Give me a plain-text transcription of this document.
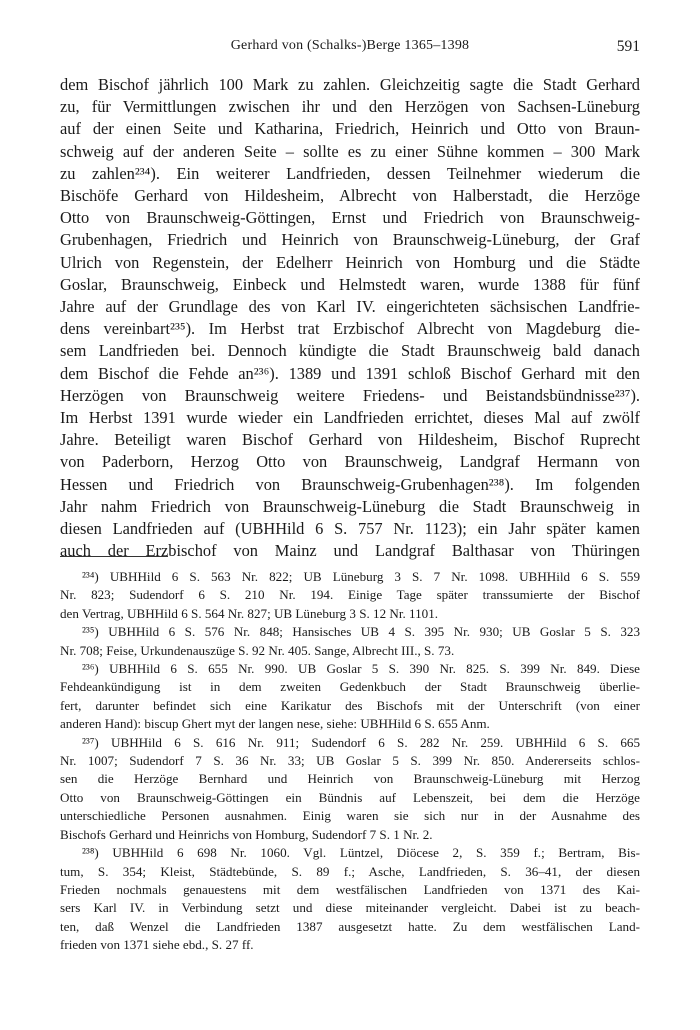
Gerhard von (Schalks-)Berge 1365–1398	591
dem Bischof jährlich 100 Mark zu zahlen. Gleichzeitig sagte die Stadt Gerhard
zu, für Vermittlungen zwischen ihr und den Herzögen von Sachsen-Lüneburg
auf der einen Seite und Katharina, Friedrich, Heinrich und Otto von Braun-
schweig auf der anderen Seite – sollte es zu einer Sühne kommen – 300 Mark
zu zahlen²³⁴). Ein weiterer Landfrieden, dessen Teilnehmer wiederum die
Bischöfe Gerhard von Hildesheim, Albrecht von Halberstadt, die Herzöge
Otto von Braunschweig-Göttingen, Ernst und Friedrich von Braunschweig-
Grubenhagen, Friedrich und Heinrich von Braunschweig-Lüneburg, der Graf
Ulrich von Regenstein, der Edelherr Heinrich von Homburg und die Städte
Goslar, Braunschweig, Einbeck und Helmstedt waren, wurde 1388 für fünf
Jahre auf der Grundlage des von Karl IV. eingerichteten sächsischen Landfrie-
dens vereinbart²³⁵). Im Herbst trat Erzbischof Albrecht von Magdeburg die-
sem Landfrieden bei. Dennoch kündigte die Stadt Braunschweig bald danach
dem Bischof die Fehde an²³⁶). 1389 und 1391 schloß Bischof Gerhard mit den
Herzögen von Braunschweig weitere Friedens- und Beistandsbündnisse²³⁷).
Im Herbst 1391 wurde wieder ein Landfrieden errichtet, dieses Mal auf zwölf
Jahre. Beteiligt waren Bischof Gerhard von Hildesheim, Bischof Ruprecht
von Paderborn, Herzog Otto von Braunschweig, Landgraf Hermann von
Hessen und Friedrich von Braunschweig-Grubenhagen²³⁸). Im folgenden
Jahr nahm Friedrich von Braunschweig-Lüneburg die Stadt Braunschweig in
diesen Landfrieden auf (UBHHild 6 S. 757 Nr. 1123); ein Jahr später kamen
auch der Erzbischof von Mainz und Landgraf Balthasar von Thüringen
²³⁴) UBHHild 6 S. 563 Nr. 822; UB Lüneburg 3 S. 7 Nr. 1098. UBHHild 6 S. 559
Nr. 823; Sudendorf 6 S. 210 Nr. 194. Einige Tage später transsumierte der Bischof
den Vertrag, UBHHild 6 S. 564 Nr. 827; UB Lüneburg 3 S. 12 Nr. 1101.
²³⁵) UBHHild 6 S. 576 Nr. 848; Hansisches UB 4 S. 395 Nr. 930; UB Goslar 5 S. 323
Nr. 708; Feise, Urkundenauszüge S. 92 Nr. 405. Sange, Albrecht III., S. 73.
²³⁶) UBHHild 6 S. 655 Nr. 990. UB Goslar 5 S. 390 Nr. 825. S. 399 Nr. 849. Diese
Fehdeankündigung ist in dem zweiten Gedenkbuch der Stadt Braunschweig überlie-
fert, darunter befindet sich eine Karikatur des Bischofs mit der Unterschrift (von einer
anderen Hand): biscup Ghert myt der langen nese, siehe: UBHHild 6 S. 655 Anm.
²³⁷) UBHHild 6 S. 616 Nr. 911; Sudendorf 6 S. 282 Nr. 259. UBHHild 6 S. 665
Nr. 1007; Sudendorf 7 S. 36 Nr. 33; UB Goslar 5 S. 399 Nr. 850. Andererseits schlos-
sen die Herzöge Bernhard und Heinrich von Braunschweig-Lüneburg mit Herzog
Otto von Braunschweig-Göttingen ein Bündnis auf Lebenszeit, bei dem die Herzöge
unterschiedliche Personen ausnahmen. Einig waren sie sich nur in der Ausnahme des
Bischofs Gerhard und Heinrichs von Homburg, Sudendorf 7 S. 1 Nr. 2.
²³⁸) UBHHild 6 698 Nr. 1060. Vgl. Lüntzel, Diöcese 2, S. 359 f.; Bertram, Bis-
tum, S. 354; Kleist, Städtebünde, S. 89 f.; Asche, Landfrieden, S. 36–41, der diesen
Frieden nochmals genauestens mit dem westfälischen Landfrieden von 1371 des Kai-
sers Karl IV. in Verbindung setzt und diese miteinander vergleicht. Dabei ist zu beach-
ten, daß Wenzel die Landfrieden 1387 ausgesetzt hatte. Zu dem westfälischen Land-
frieden von 1371 siehe ebd., S. 27 ff.
